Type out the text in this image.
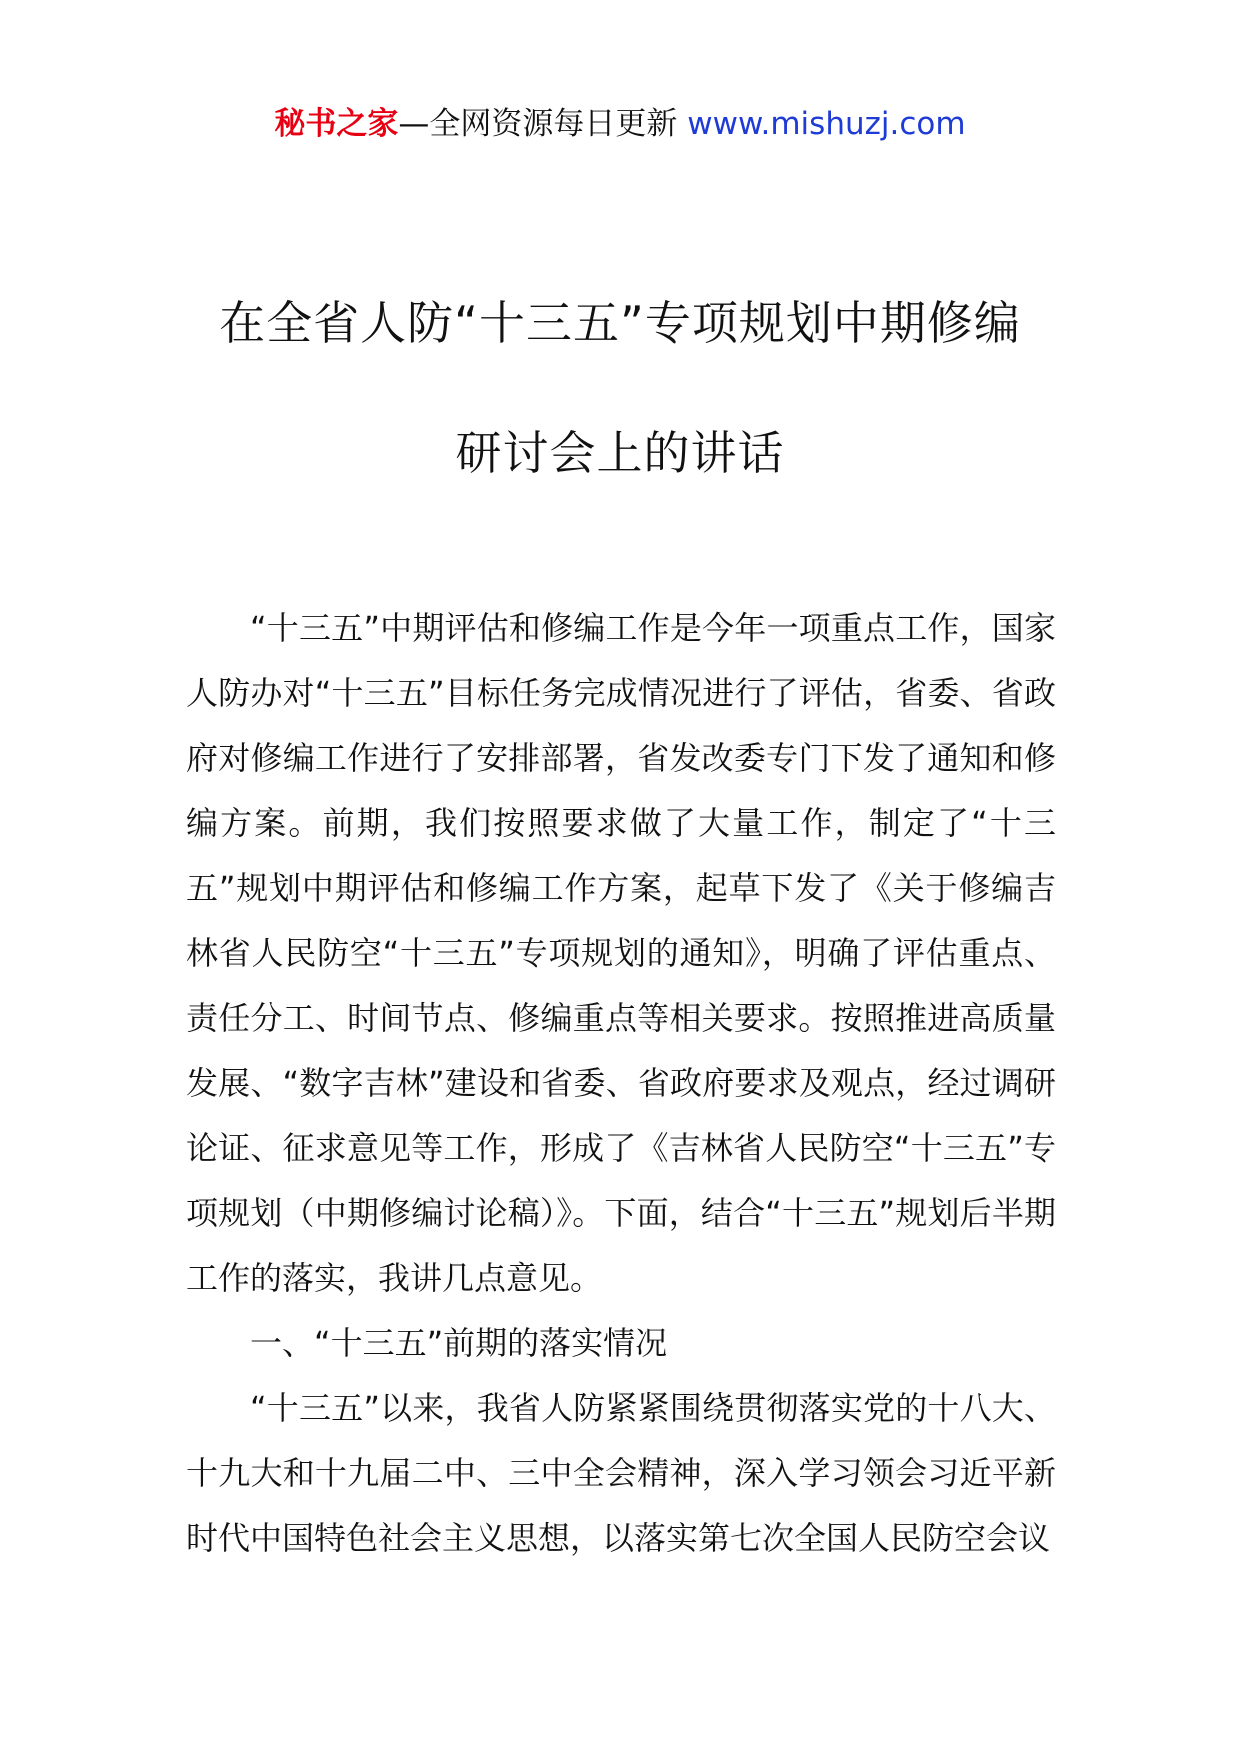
秘书之家—全网资源每日更新 www.mishuzj.com
在全省人防“十三五”专项规划中期修编
研讨会上的讲话

“十三五”中期评估和修编工作是今年一项重点工作，国家人防办对“十三五”目标任务完成情况进行了评估，省委、省政府对修编工作进行了安排部署，省发改委专门下发了通知和修编方案。前期，我们按照要求做了大量工作，制定了“十三五”规划中期评估和修编工作方案，起草下发了《关于修编吉林省人民防空“十三五”专项规划的通知》，明确了评估重点、责任分工、时间节点、修编重点等相关要求。按照推进高质量发展、“数字吉林”建设和省委、省政府要求及观点，经过调研论证、征求意见等工作，形成了《吉林省人民防空“十三五”专项规划（中期修编讨论稿）》。下面，结合“十三五”规划后半期工作的落实，我讲几点意见。

一、“十三五”前期的落实情况

“十三五”以来，我省人防紧紧围绕贯彻落实党的十八大、十九大和十九届二中、三中全会精神，深入学习领会习近平新时代中国特色社会主义思想，以落实第七次全国人民防空会议
